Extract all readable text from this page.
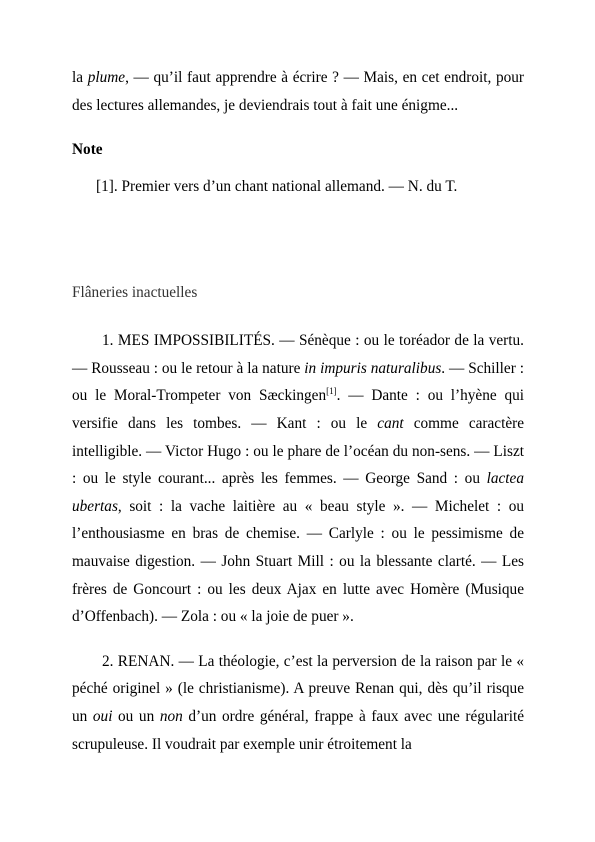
la plume, — qu’il faut apprendre à écrire ? — Mais, en cet endroit, pour des lectures allemandes, je deviendrais tout à fait une énigme...

Note

[1]. Premier vers d’un chant national allemand. — N. du T.

Flâneries inactuelles

1. MES IMPOSSIBILITÉS. — Sénèque : ou le toréador de la vertu. — Rousseau : ou le retour à la nature in impuris naturalibus. — Schiller : ou le Moral-Trompeter von Sæckingen[1]. — Dante : ou l’hyène qui versifie dans les tombes. — Kant : ou le cant comme caractère intelligible. — Victor Hugo : ou le phare de l’océan du non-sens. — Liszt : ou le style courant... après les femmes. — George Sand : ou lactea ubertas, soit : la vache laitière au « beau style ». — Michelet : ou l’enthousiasme en bras de chemise. — Carlyle : ou le pessimisme de mauvaise digestion. — John Stuart Mill : ou la blessante clarté. — Les frères de Goncourt : ou les deux Ajax en lutte avec Homère (Musique d’Offenbach). — Zola : ou « la joie de puer ».

2. RENAN. — La théologie, c’est la perversion de la raison par le « péché originel » (le christianisme). A preuve Renan qui, dès qu’il risque un oui ou un non d’un ordre général, frappe à faux avec une régularité scrupuleuse. Il voudrait par exemple unir étroitement la
